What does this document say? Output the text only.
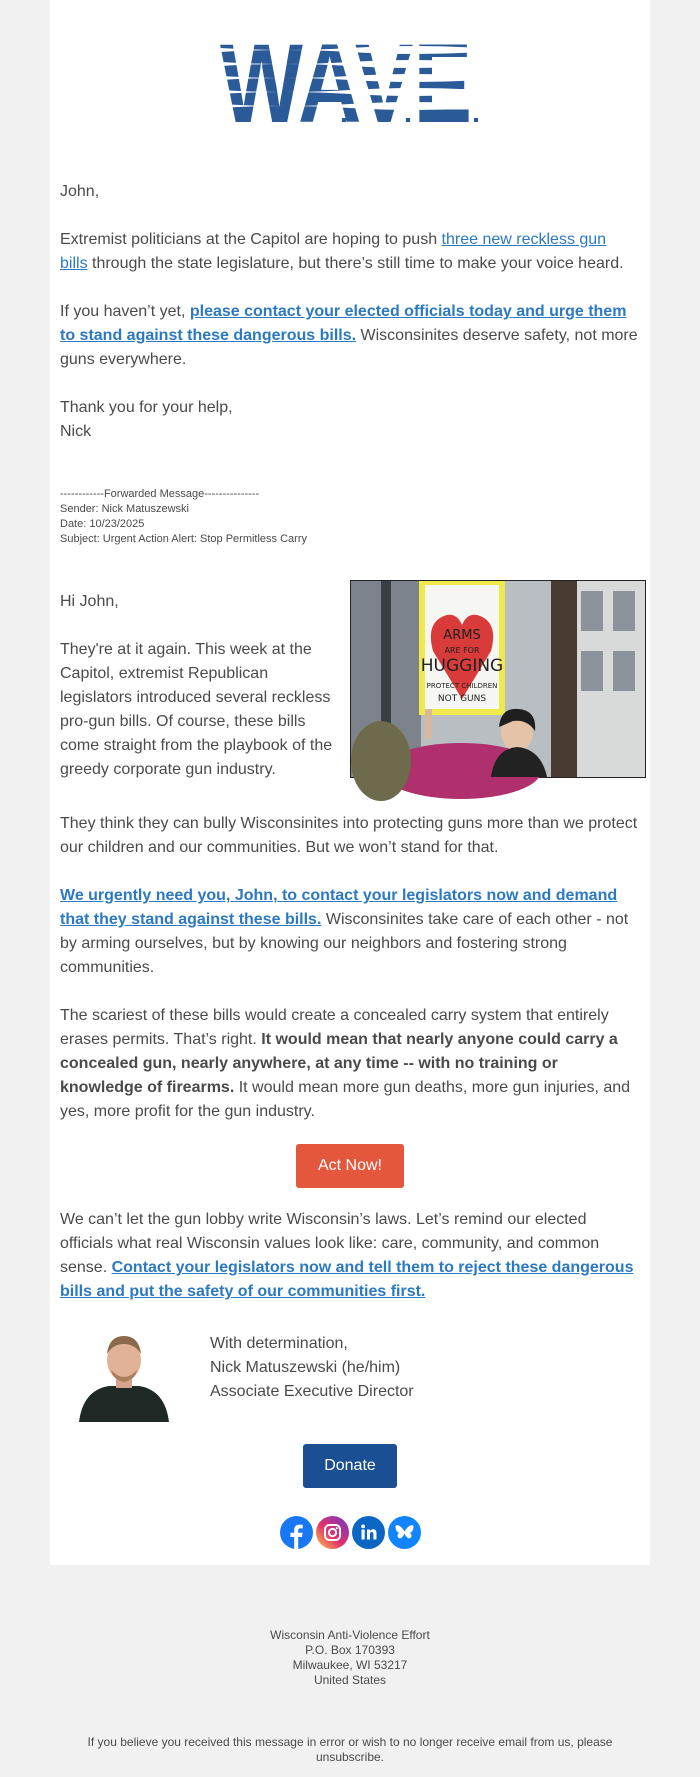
John,

Extremist politicians at the Capitol are hoping to push three new reckless gun bills through the state legislature, but there’s still time to make your voice heard.

If you haven’t yet, please contact your elected officials today and urge them to stand against these dangerous bills. Wisconsinites deserve safety, not more guns everywhere.

Thank you for your help,

Nick

------------Forwarded Message---------------
Sender: Nick Matuszewski
Date: 10/23/2025
Subject: Urgent Action Alert: Stop Permitless Carry

Hi John,

They're at it again. This week at the Capitol, extremist Republican legislators introduced several reckless pro-gun bills. Of course, these bills come straight from the playbook of the greedy corporate gun industry.

ARMS
ARE FOR
HUGGING
PROTECT CHILDREN
NOT GUNS

They think they can bully Wisconsinites into protecting guns more than we protect our children and our communities. But we won’t stand for that.

We urgently need you, John, to contact your legislators now and demand that they stand against these bills. Wisconsinites take care of each other - not by arming ourselves, but by knowing our neighbors and fostering strong communities.

The scariest of these bills would create a concealed carry system that entirely erases permits. That’s right. It would mean that nearly anyone could carry a concealed gun, nearly anywhere, at any time -- with no training or knowledge of firearms. It would mean more gun deaths, more gun injuries, and yes, more profit for the gun industry.

Act Now!

We can’t let the gun lobby write Wisconsin’s laws. Let’s remind our elected officials what real Wisconsin values look like: care, community, and common sense. Contact your legislators now and tell them to reject these dangerous bills and put the safety of our communities first.

With determination,
Nick Matuszewski (he/him)
Associate Executive Director
Donate
Wisconsin Anti-Violence Effort
P.O. Box 170393
Milwaukee, WI 53217
United States
If you believe you received this message in error or wish to no longer receive email from us, please unsubscribe.
